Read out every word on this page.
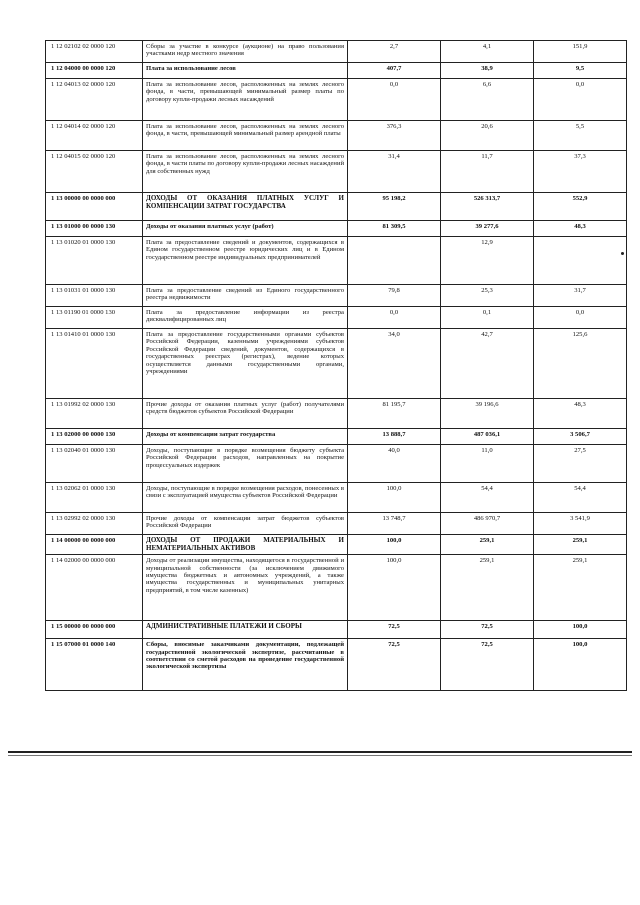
1 12 02102 02 0000 120	Сборы за участие в конкурсе (аукционе) на право пользования участками недр местного значения	2,7	4,1	151,9
1 12 04000 00 0000 120	Плата за использование лесов	407,7	38,9	9,5
1 12 04013 02 0000 120	Плата за использование лесов, расположенных на землях лесного фонда, в части, превышающей минимальный размер платы по договору купли-продажи лесных насаждений	0,0	6,6	0,0
1 12 04014 02 0000 120	Плата за использование лесов, расположенных на землях лесного фонда, в части, превышающей минимальный размер арендной платы	376,3	20,6	5,5
1 12 04015 02 0000 120	Плата за использование лесов, расположенных на землях лесного фонда, в части платы по договору купли-продажи лесных насаждений для собственных нужд	31,4	11,7	37,3
1 13 00000 00 0000 000	ДОХОДЫ ОТ ОКАЗАНИЯ ПЛАТНЫХ УСЛУГ И КОМПЕНСАЦИИ ЗАТРАТ ГОСУДАРСТВА	95 198,2	526 313,7	552,9
1 13 01000 00 0000 130	Доходы от оказания платных услуг (работ)	81 309,5	39 277,6	48,3
1 13 01020 01 0000 130	Плата за предоставление сведений и документов, содержащихся в Едином государственном реестре юридических лиц и в Едином государственном реестре индивидуальных предпринимателей		12,9	
1 13 01031 01 0000 130	Плата за предоставление сведений из Единого государственного реестра недвижимости	79,8	25,3	31,7
1 13 01190 01 0000 130	Плата за предоставление информации из реестра дисквалифицированных лиц	0,0	0,1	0,0
1 13 01410 01 0000 130	Плата за предоставление государственными органами субъектов Российской Федерации, казенными учреждениями субъектов Российской Федерации сведений, документов, содержащихся в государственных реестрах (регистрах), ведение которых осуществляется данными государственными органами, учреждениями	34,0	42,7	125,6
1 13 01992 02 0000 130	Прочие доходы от оказания платных услуг (работ) получателями средств бюджетов субъектов Российской Федерации	81 195,7	39 196,6	48,3
1 13 02000 00 0000 130	Доходы от компенсации затрат государства	13 888,7	487 036,1	3 506,7
1 13 02040 01 0000 130	Доходы, поступающие в порядке возмещения бюджету субъекта Российской Федерации расходов, направленных на покрытие процессуальных издержек	40,0	11,0	27,5
1 13 02062 01 0000 130	Доходы, поступающие в порядке возмещения расходов, понесенных в связи с эксплуатацией имущества субъектов Российской Федерации	100,0	54,4	54,4
1 13 02992 02 0000 130	Прочие доходы от компенсации затрат бюджетов субъектов Российской Федерации	13 748,7	486 970,7	3 541,9
1 14 00000 00 0000 000	ДОХОДЫ ОТ ПРОДАЖИ МАТЕРИАЛЬНЫХ И НЕМАТЕРИАЛЬНЫХ АКТИВОВ	100,0	259,1	259,1
1 14 02000 00 0000 000	Доходы от реализации имущества, находящегося в государственной и муниципальной собственности (за исключением движимого имущества бюджетных и автономных учреждений, а также имущества государственных и муниципальных унитарных предприятий, в том числе казенных)	100,0	259,1	259,1
1 15 00000 00 0000 000	АДМИНИСТРАТИВНЫЕ ПЛАТЕЖИ И СБОРЫ	72,5	72,5	100,0
1 15 07000 01 0000 140	Сборы, вносимые заказчиками документации, подлежащей государственной экологической экспертизе, рассчитанные в соответствии со сметой расходов на проведение государственной экологической экспертизы	72,5	72,5	100,0
